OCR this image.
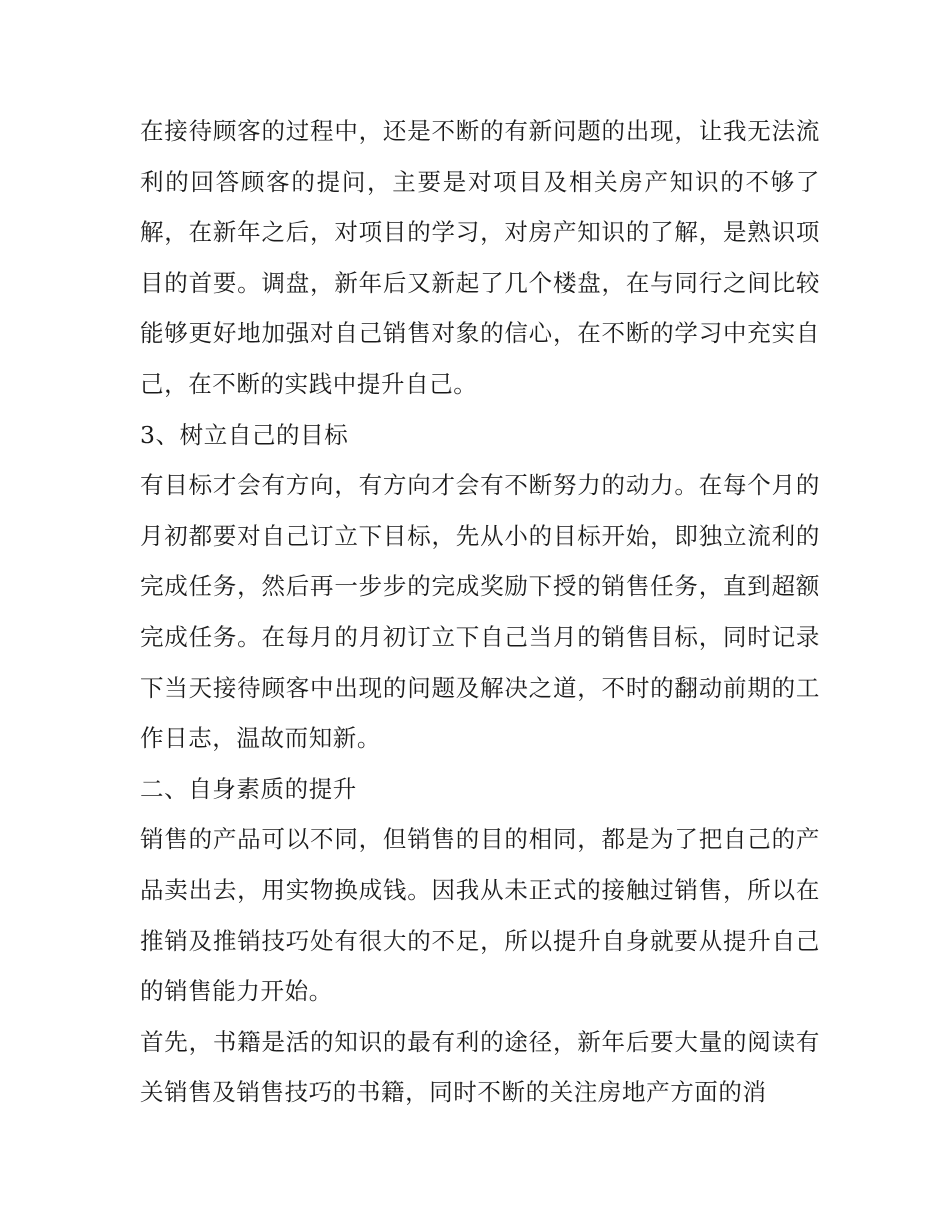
在接待顾客的过程中，还是不断的有新问题的出现，让我无法流利的回答顾客的提问，主要是对项目及相关房产知识的不够了解，在新年之后，对项目的学习，对房产知识的了解，是熟识项目的首要。调盘，新年后又新起了几个楼盘，在与同行之间比较能够更好地加强对自己销售对象的信心，在不断的学习中充实自己，在不断的实践中提升自己。

3、树立自己的目标

有目标才会有方向，有方向才会有不断努力的动力。在每个月的月初都要对自己订立下目标，先从小的目标开始，即独立流利的完成任务，然后再一步步的完成奖励下授的销售任务，直到超额完成任务。在每月的月初订立下自己当月的销售目标，同时记录下当天接待顾客中出现的问题及解决之道，不时的翻动前期的工作日志，温故而知新。

二、自身素质的提升

销售的产品可以不同，但销售的目的相同，都是为了把自己的产品卖出去，用实物换成钱。因我从未正式的接触过销售，所以在推销及推销技巧处有很大的不足，所以提升自身就要从提升自己的销售能力开始。

首先，书籍是活的知识的最有利的途径，新年后要大量的阅读有关销售及销售技巧的书籍，同时不断的关注房地产方面的消
